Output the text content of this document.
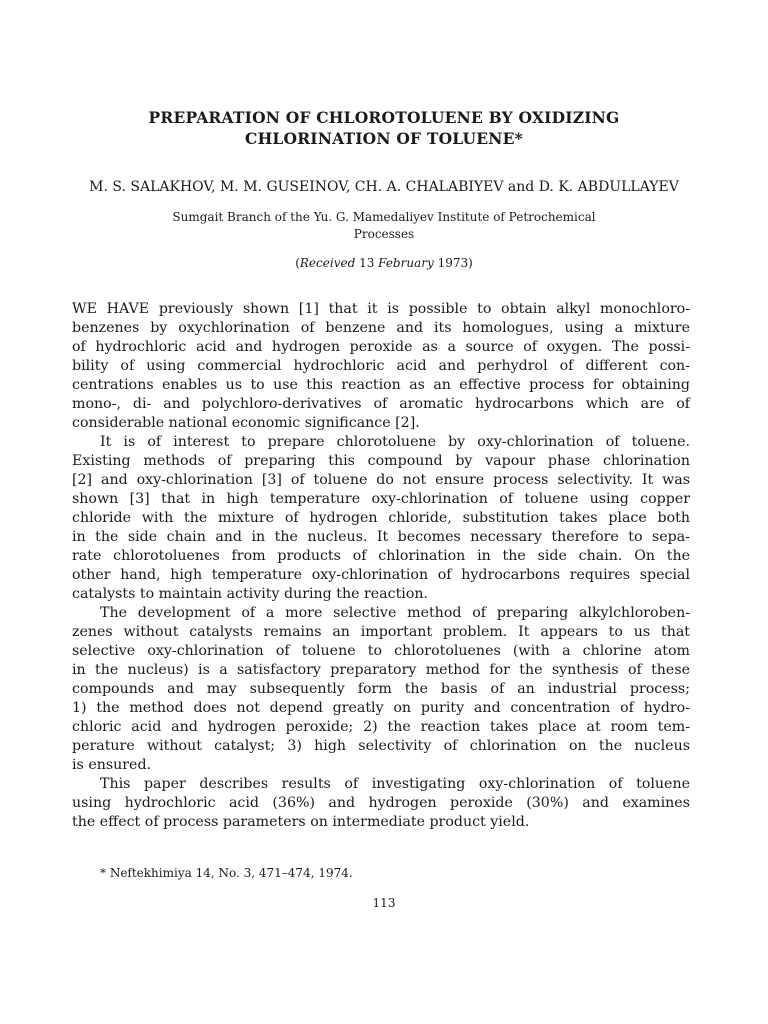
PREPARATION OF CHLOROTOLUENE BY OXIDIZING
CHLORINATION OF TOLUENE*
M. S. SALAKHOV, M. M. GUSEINOV, CH. A. CHALABIYEV and D. K. ABDULLAYEV
Sumgait Branch of the Yu. G. Mamedaliyev Institute of Petrochemical
Processes
(Received 13 February 1973)
WE HAVE previously shown [1] that it is possible to obtain alkyl monochloro-
benzenes by oxychlorination of benzene and its homologues, using a mixture
of hydrochloric acid and hydrogen peroxide as a source of oxygen. The possi-
bility of using commercial hydrochloric acid and perhydrol of different con-
centrations enables us to use this reaction as an effective process for obtaining
mono-, di- and polychloro-derivatives of aromatic hydrocarbons which are of
considerable national economic significance [2].
It is of interest to prepare chlorotoluene by oxy-chlorination of toluene.
Existing methods of preparing this compound by vapour phase chlorination
[2] and oxy-chlorination [3] of toluene do not ensure process selectivity. It was
shown [3] that in high temperature oxy-chlorination of toluene using copper
chloride with the mixture of hydrogen chloride, substitution takes place both
in the side chain and in the nucleus. It becomes necessary therefore to sepa-
rate chlorotoluenes from products of chlorination in the side chain. On the
other hand, high temperature oxy-chlorination of hydrocarbons requires special
catalysts to maintain activity during the reaction.
The development of a more selective method of preparing alkylchloroben-
zenes without catalysts remains an important problem. It appears to us that
selective oxy-chlorination of toluene to chlorotoluenes (with a chlorine atom
in the nucleus) is a satisfactory preparatory method for the synthesis of these
compounds and may subsequently form the basis of an industrial process;
1) the method does not depend greatly on purity and concentration of hydro-
chloric acid and hydrogen peroxide; 2) the reaction takes place at room tem-
perature without catalyst; 3) high selectivity of chlorination on the nucleus
is ensured.
This paper describes results of investigating oxy-chlorination of toluene
using hydrochloric acid (36%) and hydrogen peroxide (30%) and examines
the effect of process parameters on intermediate product yield.
* Neftekhimiya 14, No. 3, 471–474, 1974.
113
